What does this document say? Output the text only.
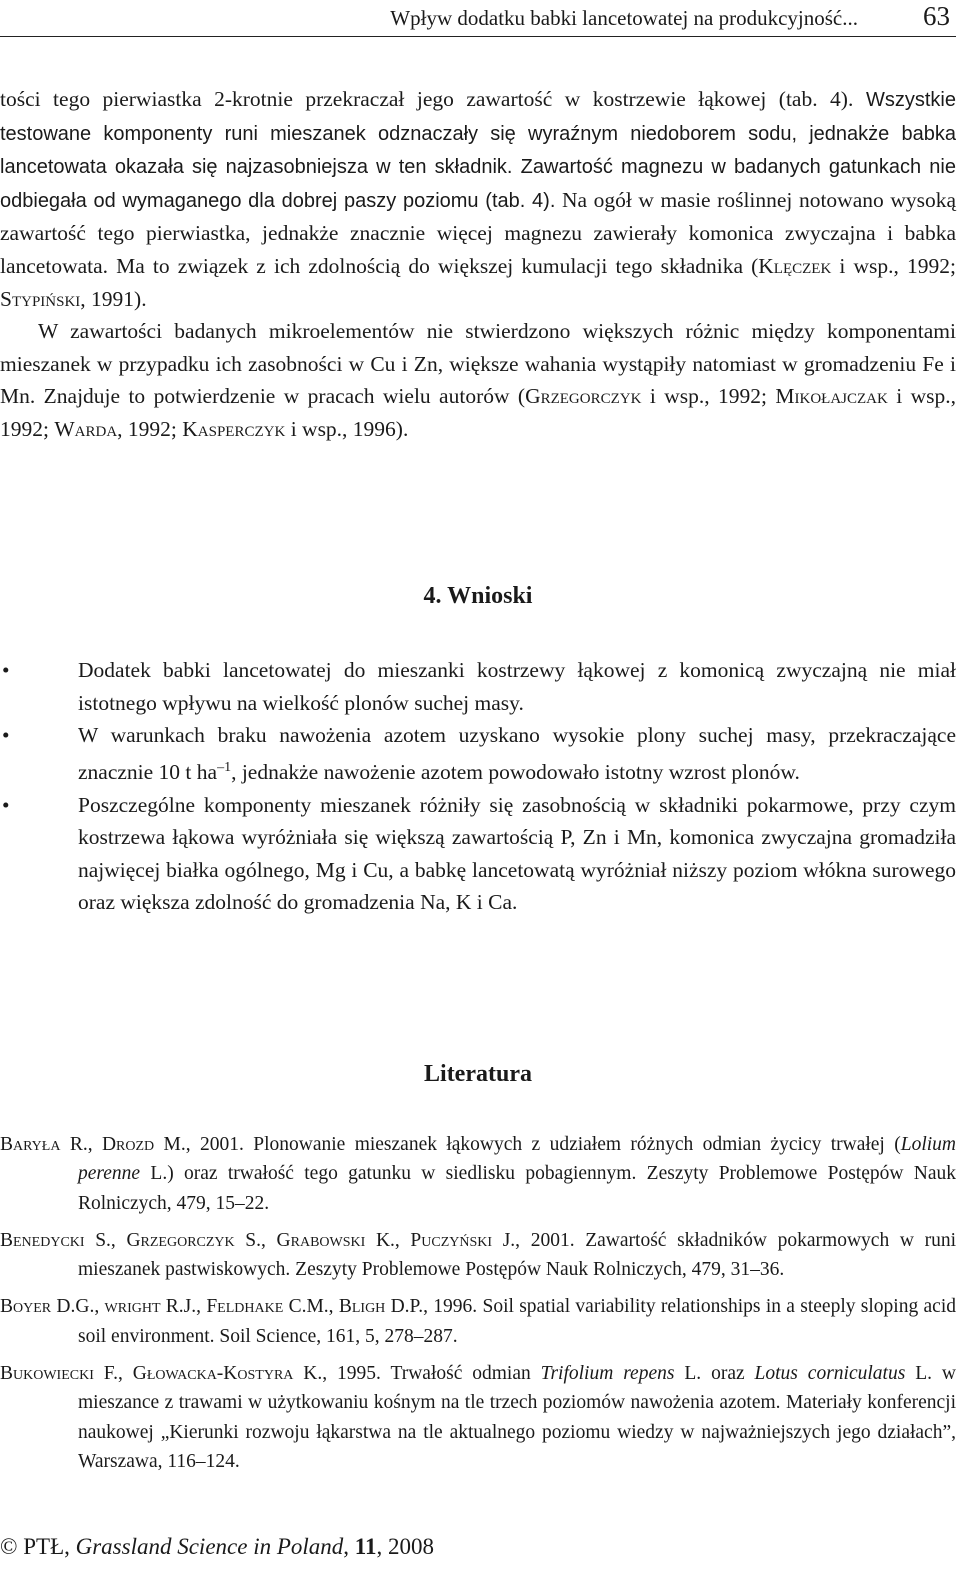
Wpływ dodatku babki lancetowatej na produkcyjność... 63

tości tego pierwiastka 2-krotnie przekraczał jego zawartość w kostrzewie łąkowej (tab. 4). Wszystkie testowane komponenty runi mieszanek odznaczały się wyraźnym niedoborem sodu, jednakże babka lancetowata okazała się najzasobniejsza w ten składnik. Zawartość magnezu w badanych gatunkach nie odbiegała od wymaganego dla dobrej paszy poziomu (tab. 4). Na ogół w masie roślinnej notowano wysoką zawartość tego pierwiastka, jednakże znacznie więcej magnezu zawierały komonica zwyczajna i babka lancetowata. Ma to związek z ich zdolnością do większej kumulacji tego składnika (Klęczek i wsp., 1992; Stypiński, 1991).

W zawartości badanych mikroelementów nie stwierdzono większych różnic między komponentami mieszanek w przypadku ich zasobności w Cu i Zn, większe wahania wystąpiły natomiast w gromadzeniu Fe i Mn. Znajduje to potwierdzenie w pracach wielu autorów (Grzegorczyk i wsp., 1992; Mikołajczak i wsp., 1992; Warda, 1992; Kasperczyk i wsp., 1996).

4. Wnioski
•	Dodatek babki lancetowatej do mieszanki kostrzewy łąkowej z komonicą zwyczajną nie miał istotnego wpływu na wielkość plonów suchej masy.
•	W warunkach braku nawożenia azotem uzyskano wysokie plony suchej masy, przekraczające znacznie 10 t $ha^{-1}$, jednakże nawożenie azotem powodowało istotny wzrost plonów.
•	Poszczególne komponenty mieszanek różniły się zasobnością w składniki pokarmowe, przy czym kostrzewa łąkowa wyróżniała się większą zawartością P, Zn i Mn, komonica zwyczajna gromadziła najwięcej białka ogólnego, Mg i Cu, a babkę lancetowatą wyróżniał niższy poziom włókna surowego oraz większa zdolność do gromadzenia Na, K i Ca.
Literatura
Baryła R., Drozd M., 2001. Plonowanie mieszanek łąkowych z udziałem różnych odmian życicy trwałej (Lolium perenne L.) oraz trwałość tego gatunku w siedlisku pobagiennym. Zeszyty Problemowe Postępów Nauk Rolniczych, 479, 15–22.
Benedycki S., Grzegorczyk S., Grabowski K., Puczyński J., 2001. Zawartość składników pokarmowych w runi mieszanek pastwiskowych. Zeszyty Problemowe Postępów Nauk Rolniczych, 479, 31–36.
Boyer D.G., wright R.J., Feldhake C.M., Bligh D.P., 1996. Soil spatial variability relationships in a steeply sloping acid soil environment. Soil Science, 161, 5, 278–287.
Bukowiecki F., Głowacka-Kostyra K., 1995. Trwałość odmian Trifolium repens L. oraz Lotus corniculatus L. w mieszance z trawami w użytkowaniu kośnym na tle trzech poziomów nawożenia azotem. Materiały konferencji naukowej „Kierunki rozwoju łąkarstwa na tle aktualnego poziomu wiedzy w najważniejszych jego działach”, Warszawa, 116–124.
© PTŁ, Grassland Science in Poland, 11, 2008
